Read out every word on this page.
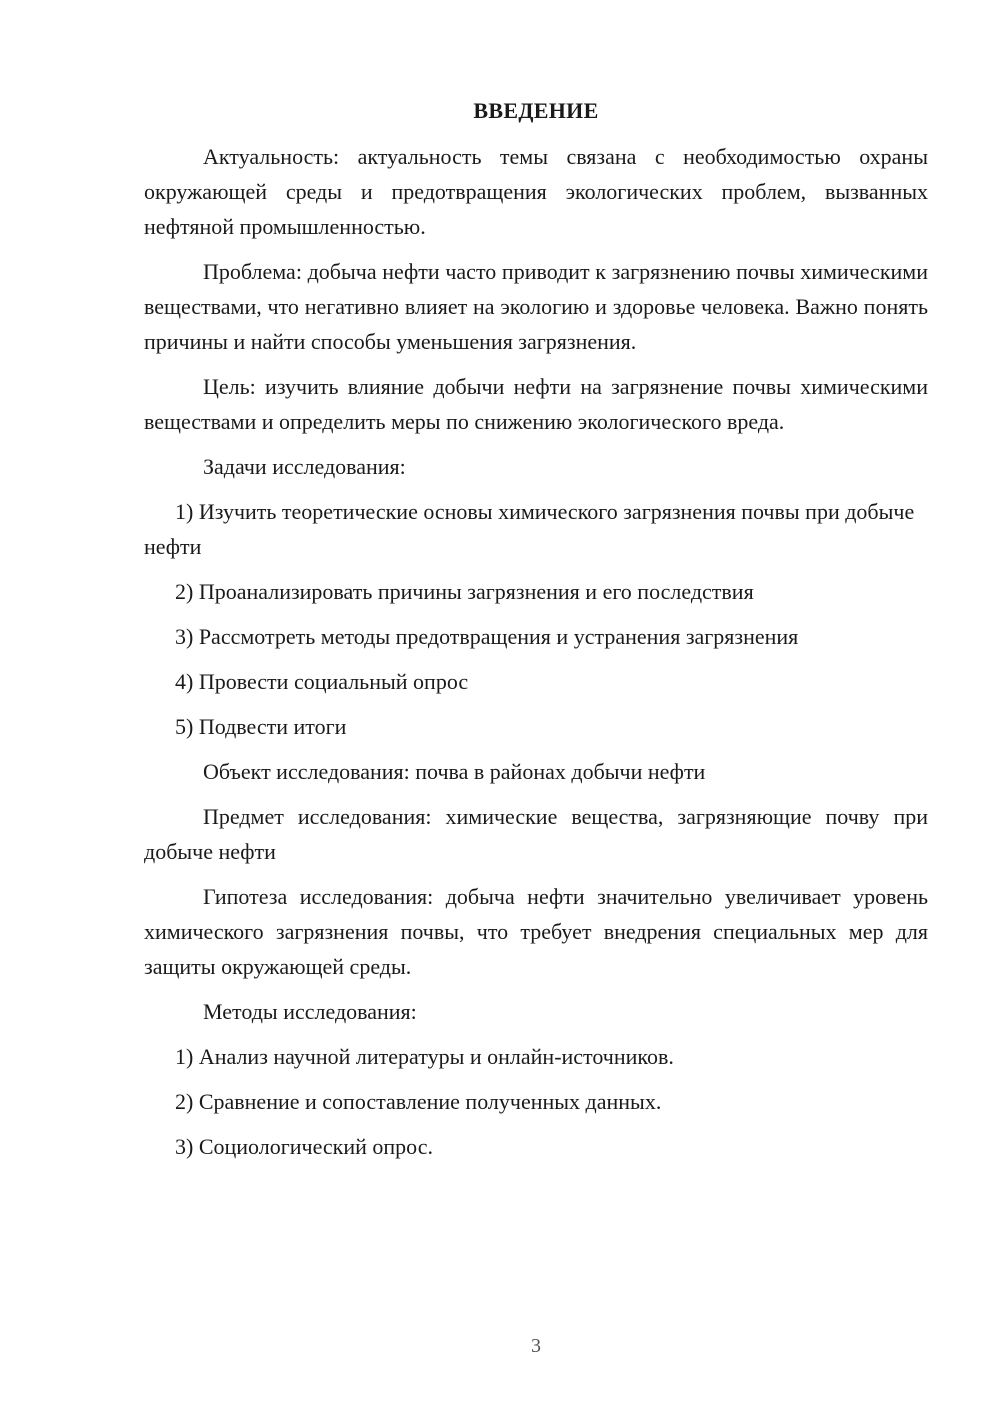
ВВЕДЕНИЕ

Актуальность: актуальность темы связана с необходимостью охраны окружающей среды и предотвращения экологических проблем, вызванных нефтяной промышленностью.

Проблема: добыча нефти часто приводит к загрязнению почвы химическими веществами, что негативно влияет на экологию и здоровье человека. Важно понять причины и найти способы уменьшения загрязнения.

Цель: изучить влияние добычи нефти на загрязнение почвы химическими веществами и определить меры по снижению экологического вреда.

Задачи исследования:

1) Изучить теоретические основы химического загрязнения почвы при добыче нефти

2) Проанализировать причины загрязнения и его последствия

3) Рассмотреть методы предотвращения и устранения загрязнения

4) Провести социальный опрос

5) Подвести итоги

Объект исследования: почва в районах добычи нефти

Предмет исследования: химические вещества, загрязняющие почву при добыче нефти

Гипотеза исследования: добыча нефти значительно увеличивает уровень химического загрязнения почвы, что требует внедрения специальных мер для защиты окружающей среды.

Методы исследования:

1) Анализ научной литературы и онлайн-источников.

2) Сравнение и сопоставление полученных данных.

3) Социологический опрос.

3
